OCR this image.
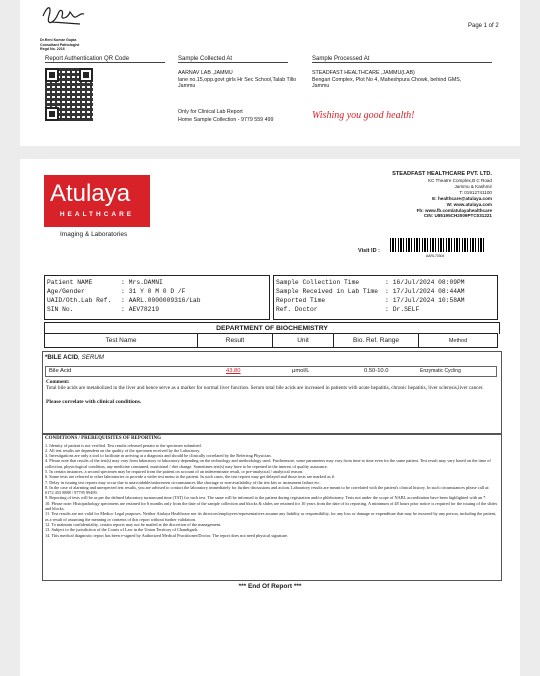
Dr.Reni Kumar Gupta
Consultant Pathologist
Regd No. 2216
Page 1 of 2
Report Authentication QR Code	Sample Collected At
AARNAV LAB ,JAMMU
lane no.15,opp.govt girls Hr Sec School,Talab Tillo
Jammu
Sample Processed At
STEADFAST HEALTHCARE ,JAMMU(LAB)
Bengari Complex, Plot No 4, Maheshpura Chowk, behind GMS,
Jammu
Only for Clinical Lab Report
Home Sample Collection - 9779 559 499	Wishing you good health!
Atulaya
HEALTHCARE
Imaging & Laboratories
STEADFAST HEALTHCARE PVT. LTD.
KC Theatre Complex,B C Road
Jammu & Kashmir
T: 01912741100
E: healthcare@atulaya.com
W: www.atulaya.com
Fb: www.fb.com/atulayahealthcare
CIN: U85195CH2009PTC031221
Visit ID :
AARL70304
Patient NAME	:	Mrs.DAMNI
Age/Gender	:	31 Y 0 M 0 D /F
UAID/Oth.Lab Ref.	:	AARL.0000009316/Lab
SIN No.	:	AEV78219
Sample Collection Time	:	16/Jul/2024 08:09PM
Sample Received in Lab Time	:	17/Jul/2024 08:44AM
Reported Time	:	17/Jul/2024 10:58AM
Ref. Doctor	:	Dr.SELF
DEPARTMENT OF BIOCHEMISTRY
Test Name	Result	Unit	Bio. Ref. Range	Method
*BILE ACID, SERUM
Bile Acid	43.80	μmol/L	0.50-10.0	Enzymatic Cycling
Comment:
Total bile acids are metabolized in the liver and hence serve as a marker for normal liver function. Serum total bile acids are increased in patients with acute hepatitis, chronic hepatitis, liver sclerosis,liver cancer.
Please correlate with clinical conditions.

CONDITIONS / PREREQUISITES OF REPORTING

1. Identity of patient is not verified. Test results released pertain to the specimen submitted.

2. All test results are dependent on the quality of the specimen received by the Laboratory.

3. Investigations are only a tool to facilitate in arriving at a diagnosis and should be clinically correlated by the Referring Physician.

4. Please note that results of the test(s) may vary from laboratory to laboratory depending on the technology and methodology used. Furthermore, some parameters may vary from time to time even for the same patient. Test result may vary based on the time of collection, physiological condition, any medicine consumed, nutritional / diet change. Sometimes test(s) may have to be repeated in the interest of quality assurance.

5. In certain instances, a second specimen may be required from the patient on account of an indeterminate result, or pre-analytical / analytical reason.

6. Some tests are referred to other laboratories to provide a wider test menu to the patient. In such cases, the test reports may get delayed and those tests are marked as #.

7. Delay in issuing test reports may occur due to unavoidable/unforeseen circumstances like shortage or non-availability of the test kits or instrument failure etc.

8. In the case of alarming and unexpected test results, you are advised to contact the laboratory immediately for further discussions and action. Laboratory results are meant to be correlated with the patient's clinical history. In such circumstances please call at: 0172 455 8888 / 97795 99499.

9. Reporting of tests will be as per the defined laboratory turnaround time (TAT) for such test. The same will be informed to the patient during registration and/or phlebotomy. Tests not under the scope of NABL accreditation have been highlighted with an *.

10. Please note: Histopathology specimens are retained for 6 months only from the date of the sample collection and blocks & slides are retained for 10 years from the date of its reporting. A minimum of 48 hours prior notice is required for the issuing of the slides and blocks.

11. Test results are not valid for Medico Legal purposes. Neither Atulaya Healthcare nor its directors/employees/representatives assume any liability or responsibility, for any loss or damage or expenditure that may be incurred by any person, including the patient, as a result of assuming the meaning or contents of this report without further validation.

12. To maintain confidentiality, certain reports may not be mailed at the discretion of the management.

13. Subject to the jurisdiction of the Courts of Law in the Union Territory of Chandigarh.

14. This medical diagnostic report has been e-signed by Authorized Medical Practitioner/Doctor. The report does not need physical signature.

*** End Of Report ***
